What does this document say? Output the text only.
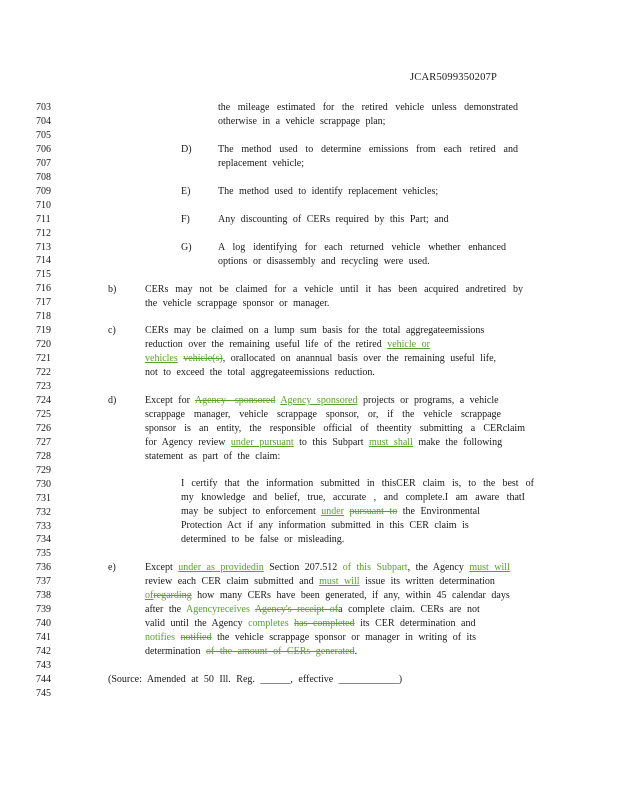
JCAR5099350207P
703
704
705
706
707
708
709
710
711
712
713
714
715
716
717
718
719
720
721
722
723
724
725
726
727
728
729
730
731
732
733
734
735
736
737
738
739
740
741
742
743
744
745
the mileage estimated for the retired vehicle unless demonstrated
otherwise in a vehicle scrappage plan;
D)	The method used to determine emissions from each retired and
replacement vehicle;
E)	The method used to identify replacement vehicles;
F)	Any discounting of CERs required by this Part; and
G)	A log identifying for each returned vehicle whether enhanced
options or disassembly and recycling were used.
b)	CERs may not be claimed for a vehicle until it has been acquired andretired by
the vehicle scrappage sponsor or manager.
c)	CERs may be claimed on a lump sum basis for the total aggregateemissions
reduction over the remaining useful life of the retired vehicle or
vehicles vehicle(s), orallocated on anannual basis over the remaining useful life,
not to exceed the total aggregateemissions reduction.
d)	Except for Agency -sponsored Agency sponsored projects or programs, a vehicle
scrappage manager, vehicle scrappage sponsor, or, if the vehicle scrappage
sponsor is an entity, the responsible official of theentity submitting a CERclaim
for Agency review under pursuant to this Subpart must shall make the following
statement as part of the claim:
I certify that the information submitted in thisCER claim is, to the best of
my knowledge and belief, true, accurate , and complete.I am aware thatI
may be subject to enforcement under pursuant to the Environmental
Protection Act if any information submitted in this CER claim is
determined to be false or misleading.
e)	Except under as providedin Section 207.512 of this Subpart, the Agency must will
review each CER claim submitted and must will issue its written determination
ofregarding how many CERs have been generated, if any, within 45 calendar days
after the Agencyreceives Agency's receipt ofa complete claim. CERs are not
valid until the Agency completes has completed its CER determination and
notifies notified the vehicle scrappage sponsor or manager in writing of its
determination of the amount of CERs generated.
(Source: Amended at 50 Ill. Reg. ______, effective ____________)
